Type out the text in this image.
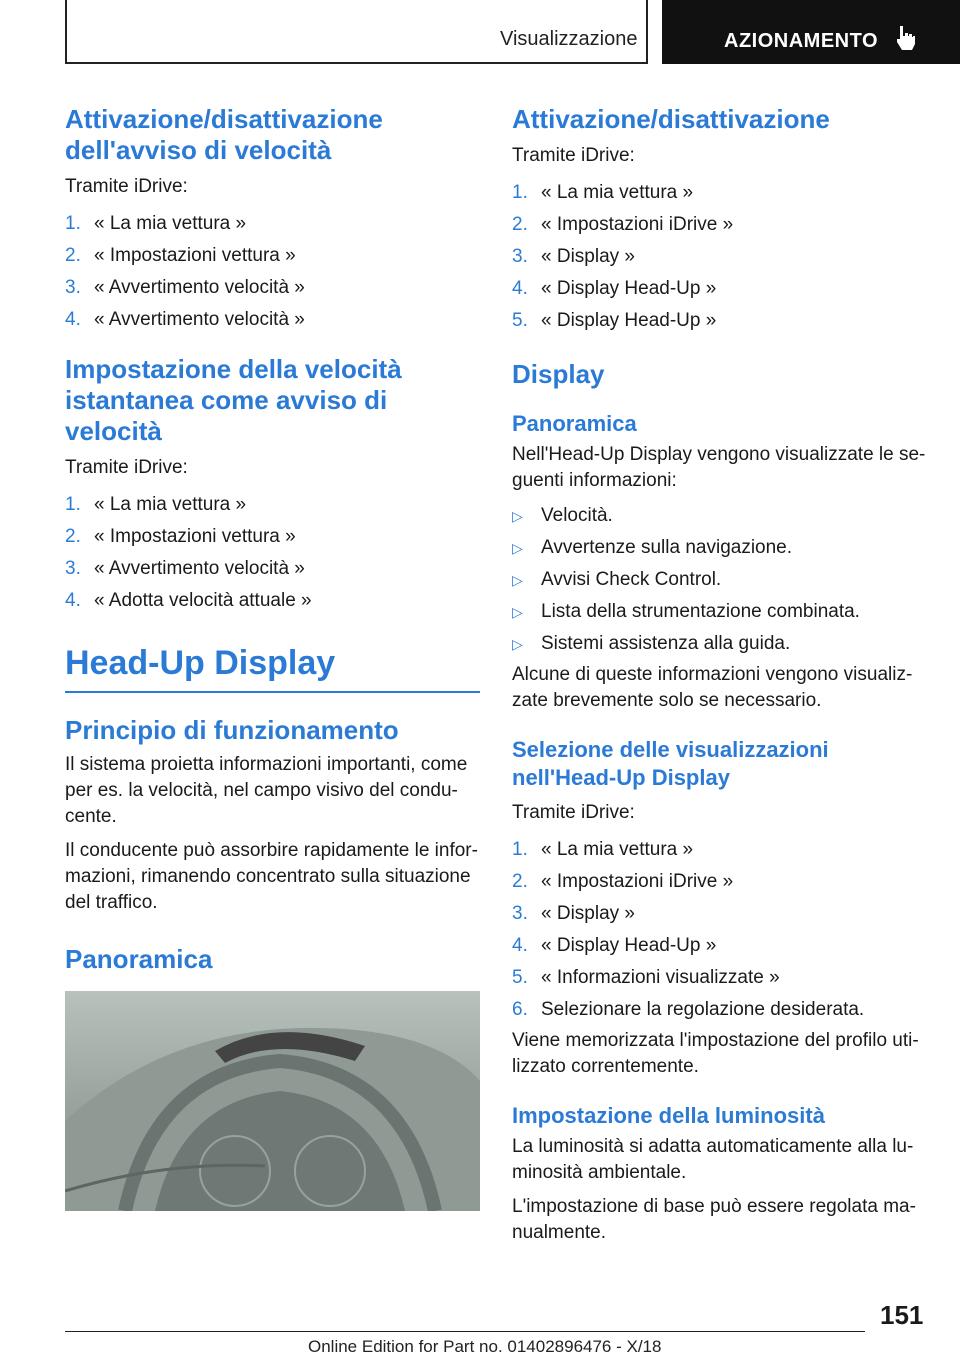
Visualizzazione	AZIONAMENTO
Attivazione/disattivazione dell'avviso di velocità

Tramite iDrive:

1. « La mia vettura »
2. « Impostazioni vettura »
3. « Avvertimento velocità »
4. « Avvertimento velocità »
Impostazione della velocità istantanea come avviso di velocità

Tramite iDrive:

1. « La mia vettura »
2. « Impostazioni vettura »
3. « Avvertimento velocità »
4. « Adotta velocità attuale »
Head-Up Display
Principio di funzionamento

Il sistema proietta informazioni importanti, come per es. la velocità, nel campo visivo del condu-cente.

Il conducente può assorbire rapidamente le infor-mazioni, rimanendo concentrato sulla situazione del traffico.

Panoramica
Attivazione/disattivazione

Tramite iDrive:

1. « La mia vettura »
2. « Impostazioni iDrive »
3. « Display »
4. « Display Head-Up »
5. « Display Head-Up »
Display
Panoramica

Nell'Head-Up Display vengono visualizzate le se-guenti informazioni:

▷ Velocità.
▷ Avvertenze sulla navigazione.
▷ Avvisi Check Control.
▷ Lista della strumentazione combinata.
▷ Sistemi assistenza alla guida.

Alcune di queste informazioni vengono visualiz-zate brevemente solo se necessario.

Selezione delle visualizzazioni nell'Head-Up Display

Tramite iDrive:

1. « La mia vettura »
2. « Impostazioni iDrive »
3. « Display »
4. « Display Head-Up »
5. « Informazioni visualizzate »
6. Selezionare la regolazione desiderata.

Viene memorizzata l'impostazione del profilo uti-lizzato correntemente.

Impostazione della luminosità

La luminosità si adatta automaticamente alla lu-minosità ambientale.

L'impostazione di base può essere regolata ma-nualmente.

151
Online Edition for Part no. 01402896476 - X/18
